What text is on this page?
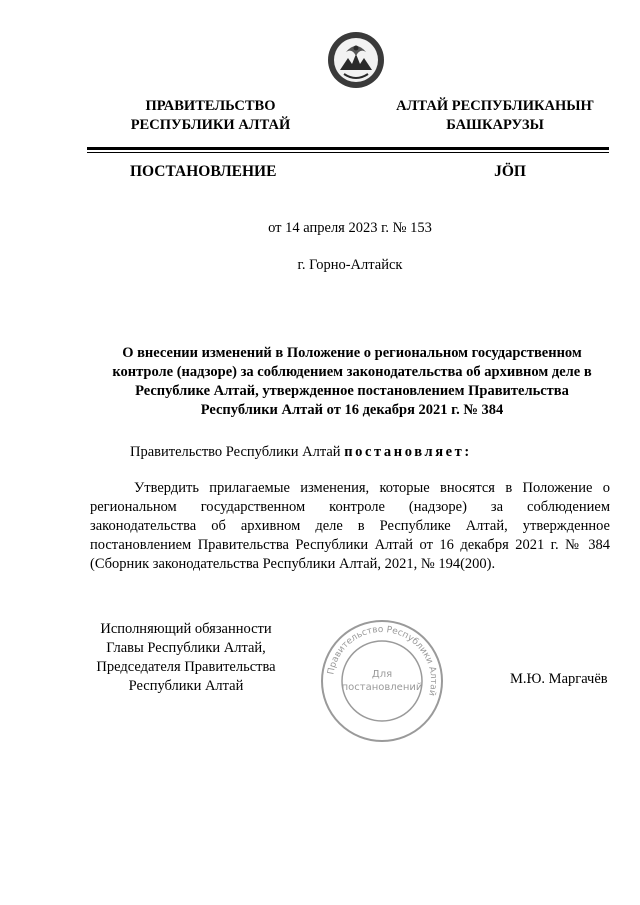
ПРАВИТЕЛЬСТВО
РЕСПУБЛИКИ АЛТАЙ
АЛТАЙ РЕСПУБЛИКАНЫҤ
БАШКАРУЗЫ
ПОСТАНОВЛЕНИЕ	JÖП
от 14 апреля 2023 г. № 153
г. Горно-Алтайск
О внесении изменений в Положение о региональном государственном контроле (надзоре) за соблюдением законодательства об архивном деле в Республике Алтай, утвержденное постановлением Правительства Республики Алтай от 16 декабря 2021 г. № 384
Правительство Республики Алтай постановляет:
Утвердить прилагаемые изменения, которые вносятся в Положение о региональном государственном контроле (надзоре) за соблюдением законодательства об архивном деле в Республике Алтай, утвержденное постановлением Правительства Республики Алтай от 16 декабря 2021 г. № 384 (Сборник законодательства Республики Алтай, 2021, № 194(200).
Исполняющий обязанности
Главы Республики Алтай,
Председателя Правительства
Республики Алтай
Правительство Республики Алтай
Для
постановлений
М.Ю. Маргачёв
